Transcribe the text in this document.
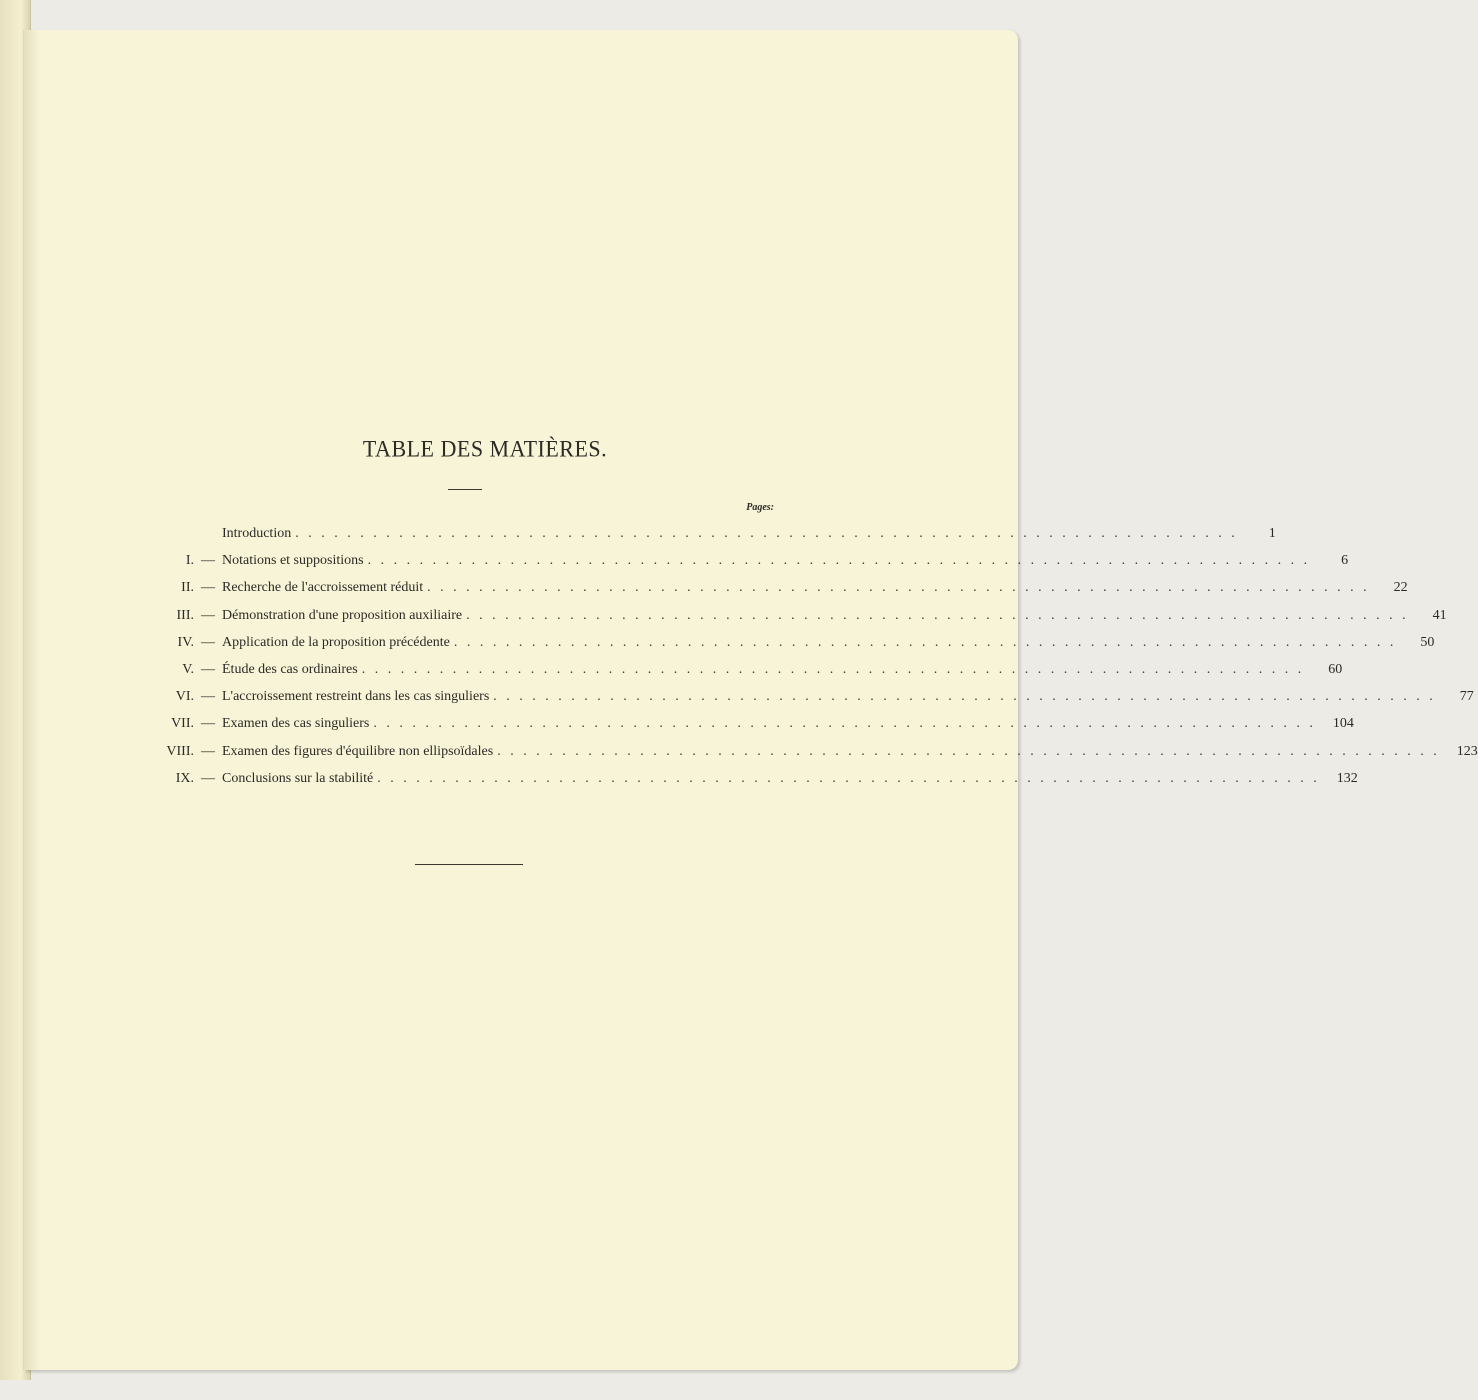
TABLE DES MATIÈRES.
Pages:
Introduction . . . . . . . . . . . . . . . . . . . . . . . . . . . . . . . . . . . . . . . . . . . . . . . . . . . . . . . . . . . . . . . . . . . . . . . . .	1
I. — Notations et suppositions . . . . . . . . . . . . . . . . . . . . . . . . . . . . . . . . . . . . . . . . . . . . . . . . . . . . . . . . . . . . . . . . . . . . . . . . .	6
II. — Recherche de l'accroissement réduit . . . . . . . . . . . . . . . . . . . . . . . . . . . . . . . . . . . . . . . . . . . . . . . . . . . . . . . . . . . . . . . . . . . . . . . . .	22
III. — Démonstration d'une proposition auxiliaire . . . . . . . . . . . . . . . . . . . . . . . . . . . . . . . . . . . . . . . . . . . . . . . . . . . . . . . . . . . . . . . . . . . . . . . . .	41
IV. — Application de la proposition précédente . . . . . . . . . . . . . . . . . . . . . . . . . . . . . . . . . . . . . . . . . . . . . . . . . . . . . . . . . . . . . . . . . . . . . . . . .	50
V. — Étude des cas ordinaires . . . . . . . . . . . . . . . . . . . . . . . . . . . . . . . . . . . . . . . . . . . . . . . . . . . . . . . . . . . . . . . . . . . . . . . . .	60
VI. — L'accroissement restreint dans les cas singuliers . . . . . . . . . . . . . . . . . . . . . . . . . . . . . . . . . . . . . . . . . . . . . . . . . . . . . . . . . . . . . . . . . . . . . . . . .	77
VII. — Examen des cas singuliers . . . . . . . . . . . . . . . . . . . . . . . . . . . . . . . . . . . . . . . . . . . . . . . . . . . . . . . . . . . . . . . . . . . . . . . . .	104
VIII. — Examen des figures d'équilibre non ellipsoïdales . . . . . . . . . . . . . . . . . . . . . . . . . . . . . . . . . . . . . . . . . . . . . . . . . . . . . . . . . . . . . . . . . . . . . . . . .	123
IX. — Conclusions sur la stabilité . . . . . . . . . . . . . . . . . . . . . . . . . . . . . . . . . . . . . . . . . . . . . . . . . . . . . . . . . . . . . . . . . . . . . . . . .	132
